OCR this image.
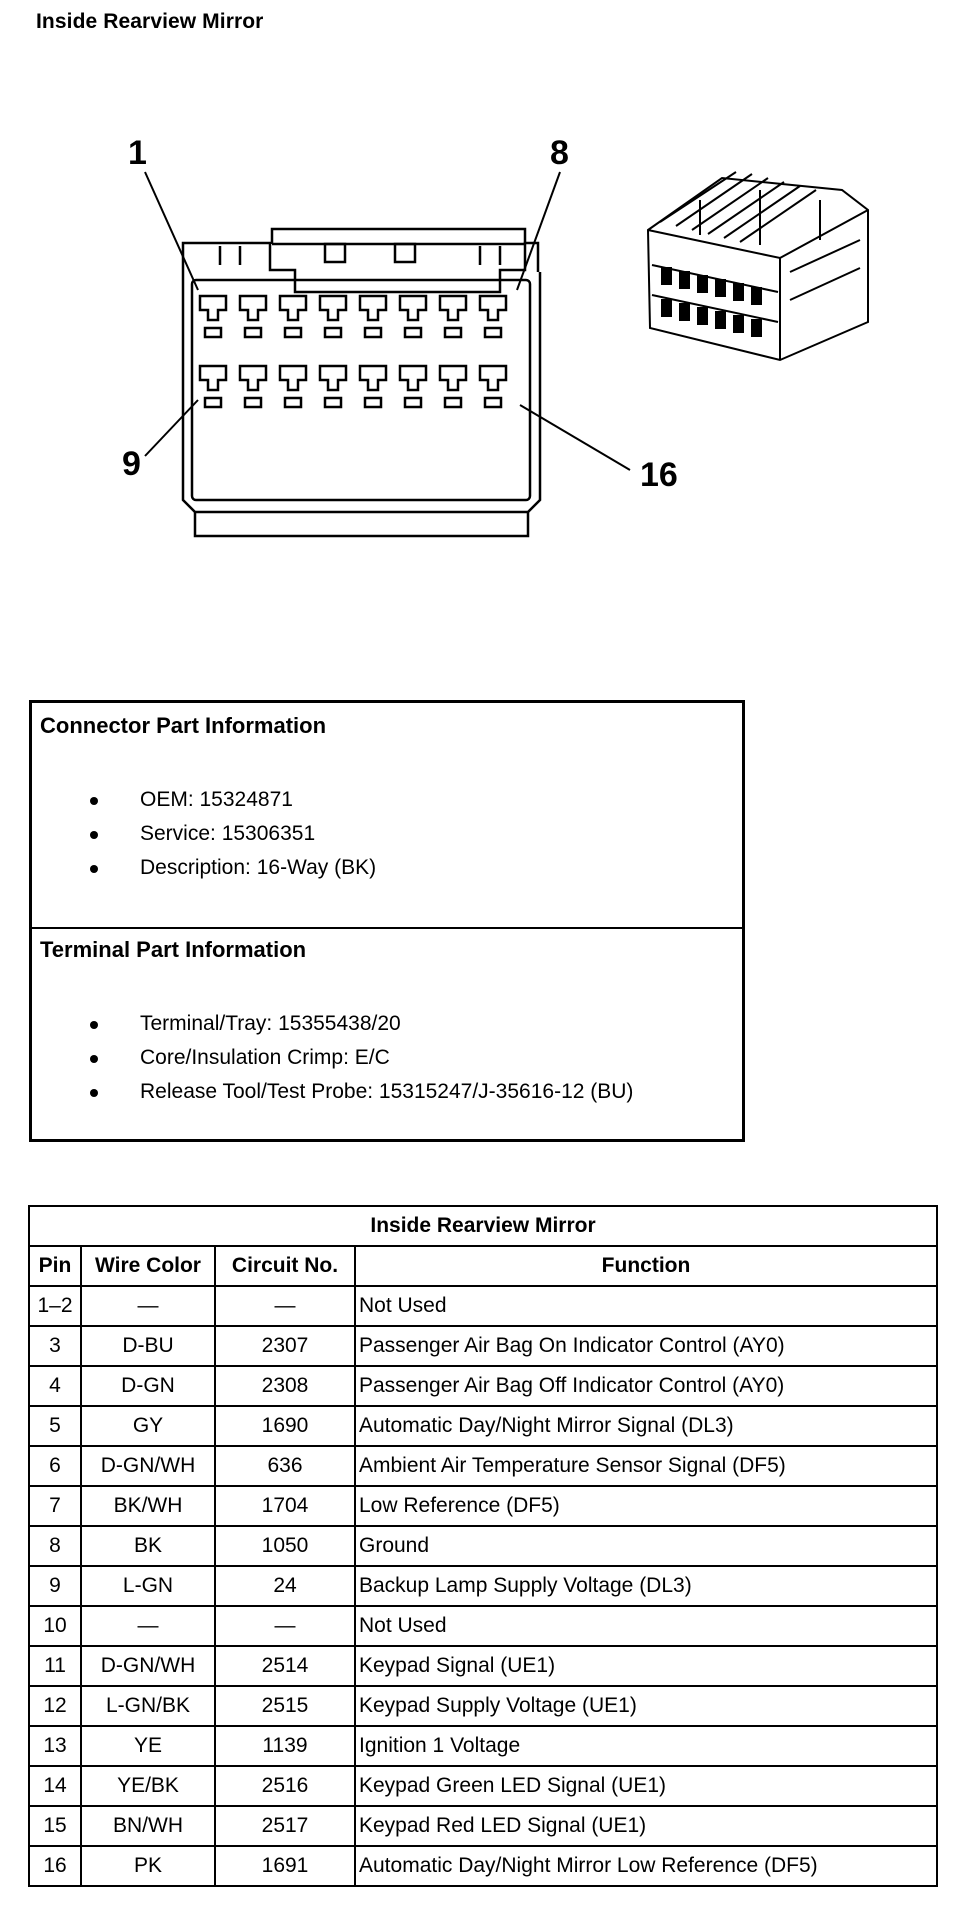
Inside Rearview Mirror
1	8
9	16
Connector Part Information
OEM: 15324871
Service: 15306351
Description: 16-Way (BK)
Terminal Part Information
Terminal/Tray: 15355438/20
Core/Insulation Crimp: E/C
Release Tool/Test Probe: 15315247/J-35616-12 (BU)
Inside Rearview Mirror			
Pin	Wire Color	Circuit No.	Function
1–2	—	—	Not Used
3	D-BU	2307	Passenger Air Bag On Indicator Control (AY0)
4	D-GN	2308	Passenger Air Bag Off Indicator Control (AY0)
5	GY	1690	Automatic Day/Night Mirror Signal (DL3)
6	D-GN/WH	636	Ambient Air Temperature Sensor Signal (DF5)
7	BK/WH	1704	Low Reference (DF5)
8	BK	1050	Ground
9	L-GN	24	Backup Lamp Supply Voltage (DL3)
10	—	—	Not Used
11	D-GN/WH	2514	Keypad Signal (UE1)
12	L-GN/BK	2515	Keypad Supply Voltage (UE1)
13	YE	1139	Ignition 1 Voltage
14	YE/BK	2516	Keypad Green LED Signal (UE1)
15	BN/WH	2517	Keypad Red LED Signal (UE1)
16	PK	1691	Automatic Day/Night Mirror Low Reference (DF5)
